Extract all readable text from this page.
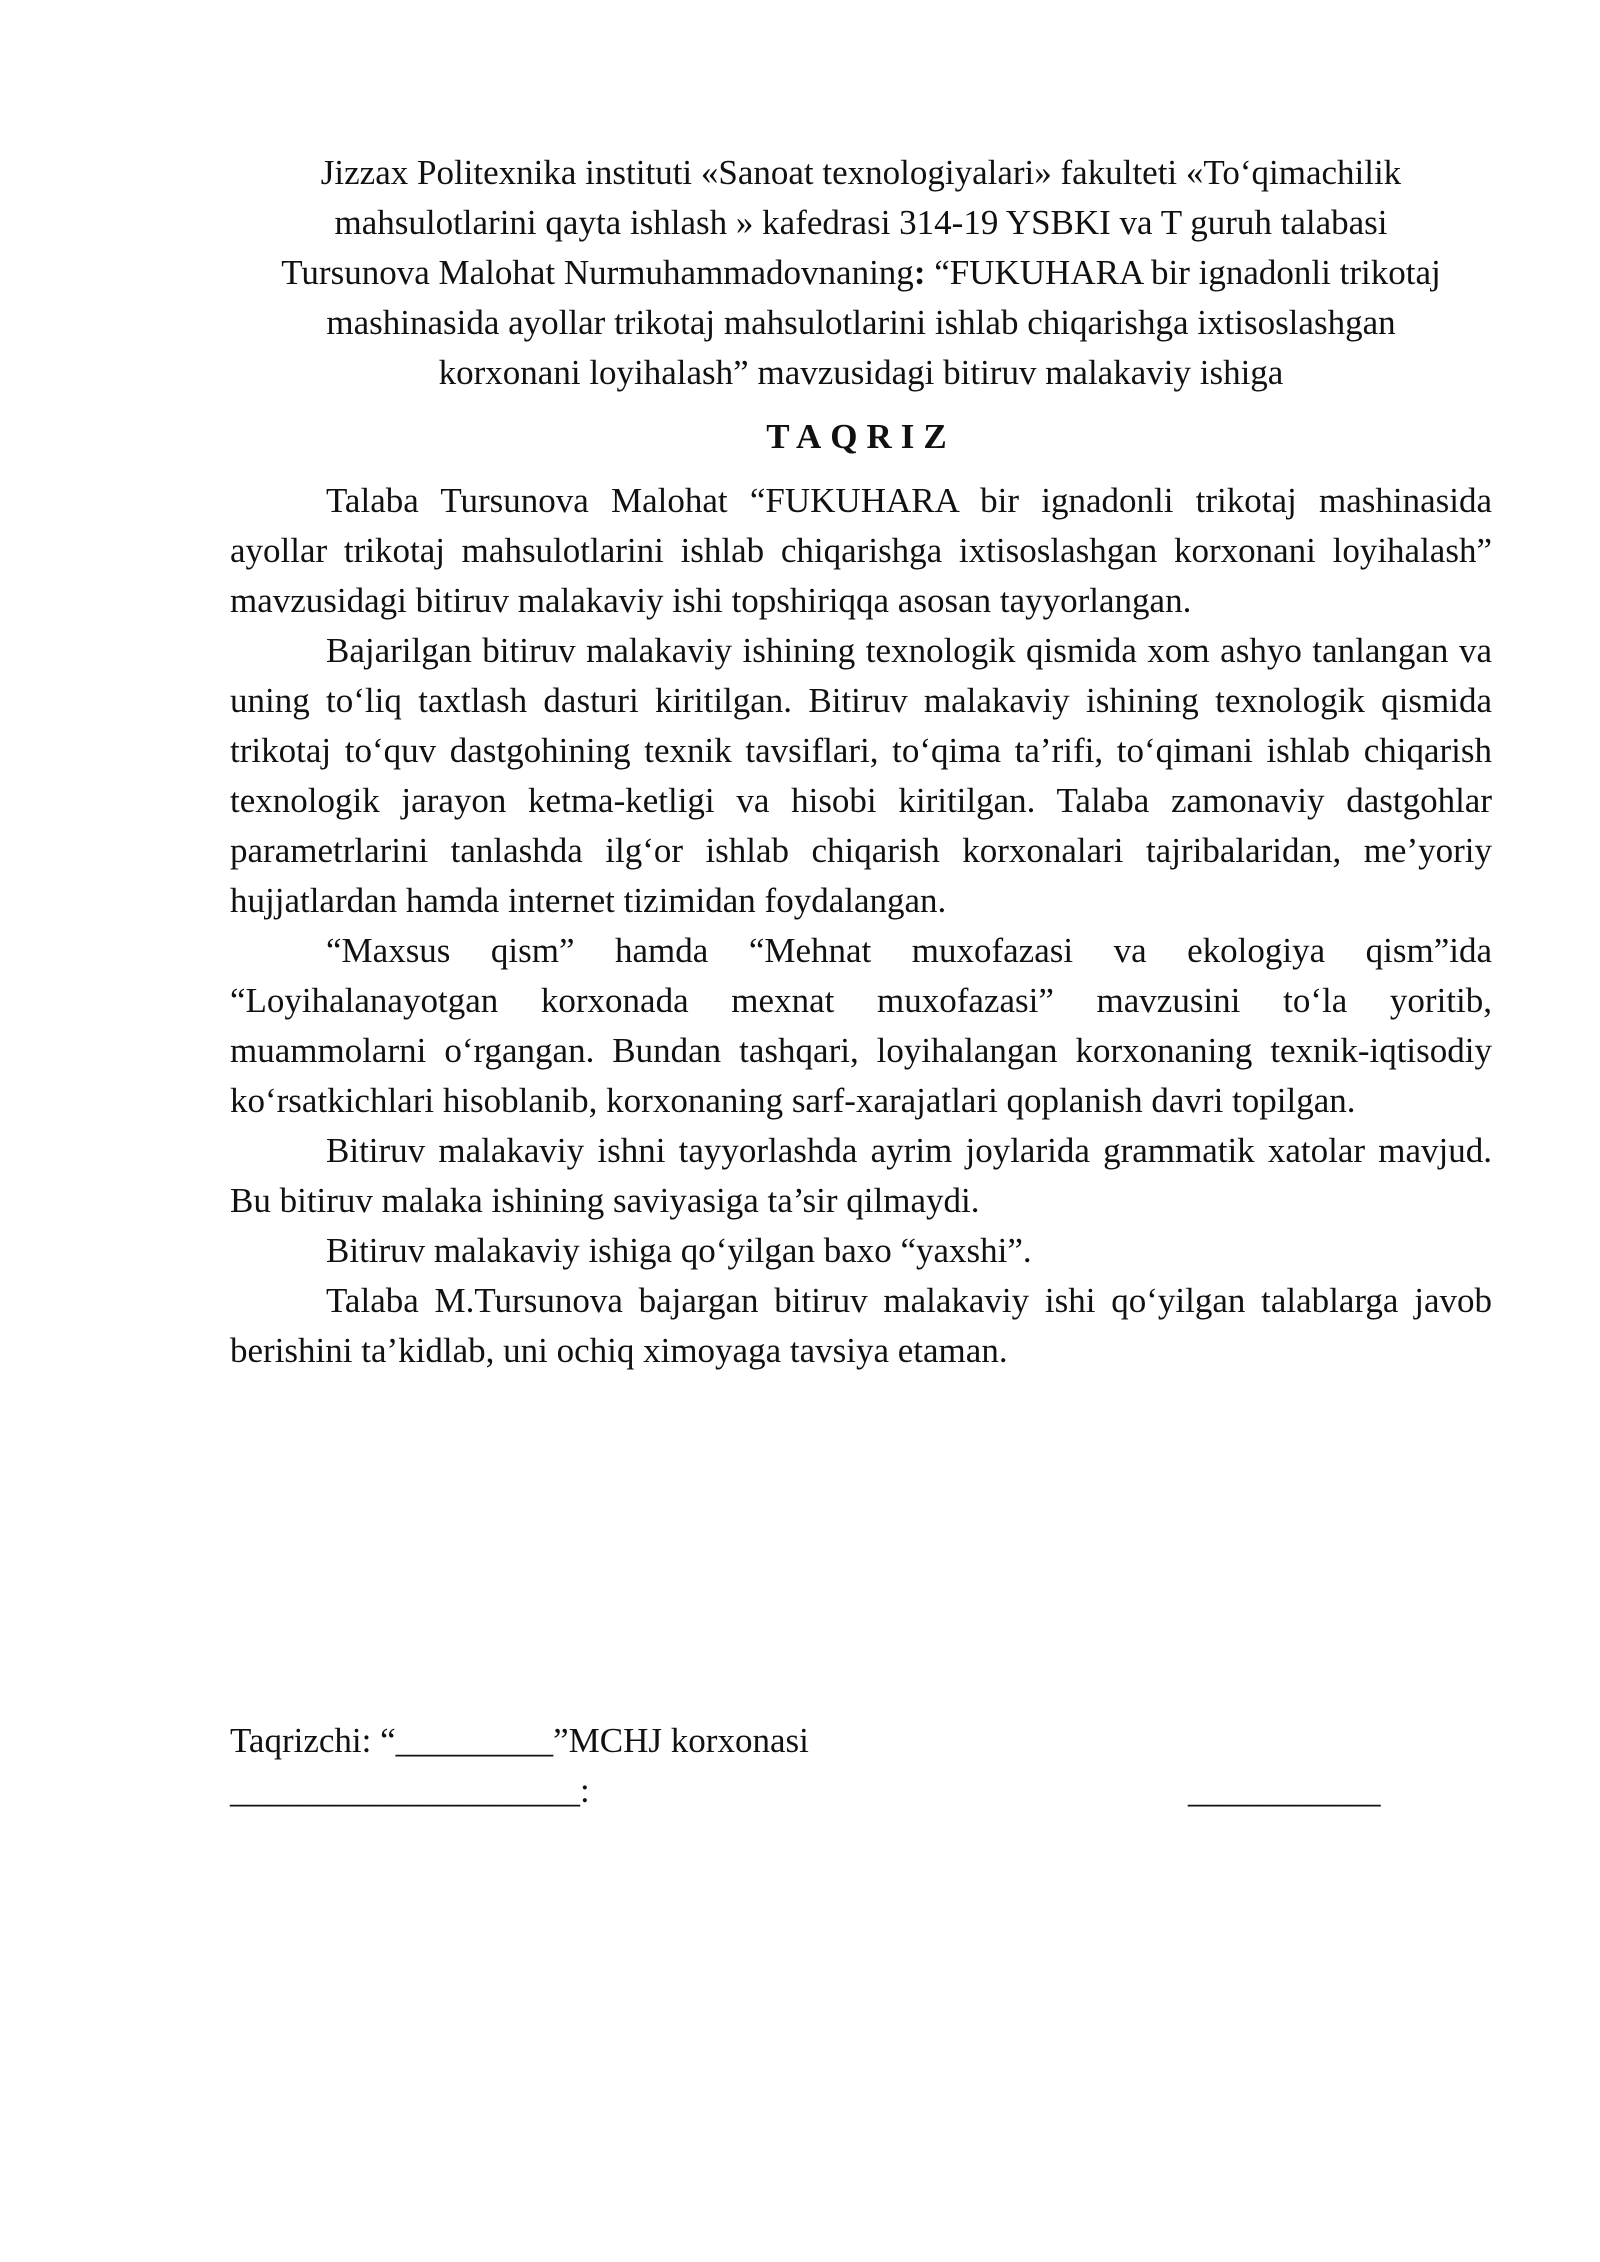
Jizzax Politexnika instituti «Sanoat texnologiyalari» fakulteti «To‘qimachilik
mahsulotlarini qayta ishlash » kafedrasi 314-19 YSBKI va T guruh talabasi
Tursunova Malohat Nurmuhammadovnaning: “FUKUHARA bir ignadonli trikotaj
mashinasida ayollar trikotaj mahsulotlarini ishlab chiqarishga ixtisoslashgan
korxonani loyihalash” mavzusidagi bitiruv malakaviy ishiga
TAQRIZ

Talaba Tursunova Malohat “FUKUHARA bir ignadonli trikotaj mashinasida ayollar trikotaj mahsulotlarini ishlab chiqarishga ixtisoslashgan korxonani loyihalash” mavzusidagi bitiruv malakaviy ishi topshiriqqa asosan tayyorlangan.

Bajarilgan bitiruv malakaviy ishining texnologik qismida xom ashyo tanlangan va uning to‘liq taxtlash dasturi kiritilgan. Bitiruv malakaviy ishining texnologik qismida trikotaj to‘quv dastgohining texnik tavsiflari, to‘qima ta’rifi, to‘qimani ishlab chiqarish texnologik jarayon ketma-ketligi va hisobi kiritilgan. Talaba zamonaviy dastgohlar parametrlarini tanlashda ilg‘or ishlab chiqarish korxonalari tajribalaridan, me’yoriy hujjatlardan hamda internet tizimidan foydalangan.

“Maxsus qism” hamda “Mehnat muxofazasi va ekologiya qism”ida “Loyihalanayotgan korxonada mexnat muxofazasi” mavzusini to‘la yoritib, muammolarni o‘rgangan. Bundan tashqari, loyihalangan korxonaning texnik-iqtisodiy ko‘rsatkichlari hisoblanib, korxonaning sarf-xarajatlari qoplanish davri topilgan.

Bitiruv malakaviy ishni tayyorlashda ayrim joylarida grammatik xatolar mavjud. Bu bitiruv malaka ishining saviyasiga ta’sir qilmaydi.

Bitiruv malakaviy ishiga qo‘yilgan baxo “yaxshi”.

Talaba M.Tursunova bajargan bitiruv malakaviy ishi qo‘yilgan talablarga javob berishini ta’kidlab, uni ochiq ximoyaga tavsiya etaman.

Taqrizchi: “_________”MCHJ korxonasi
____________________:	___________
